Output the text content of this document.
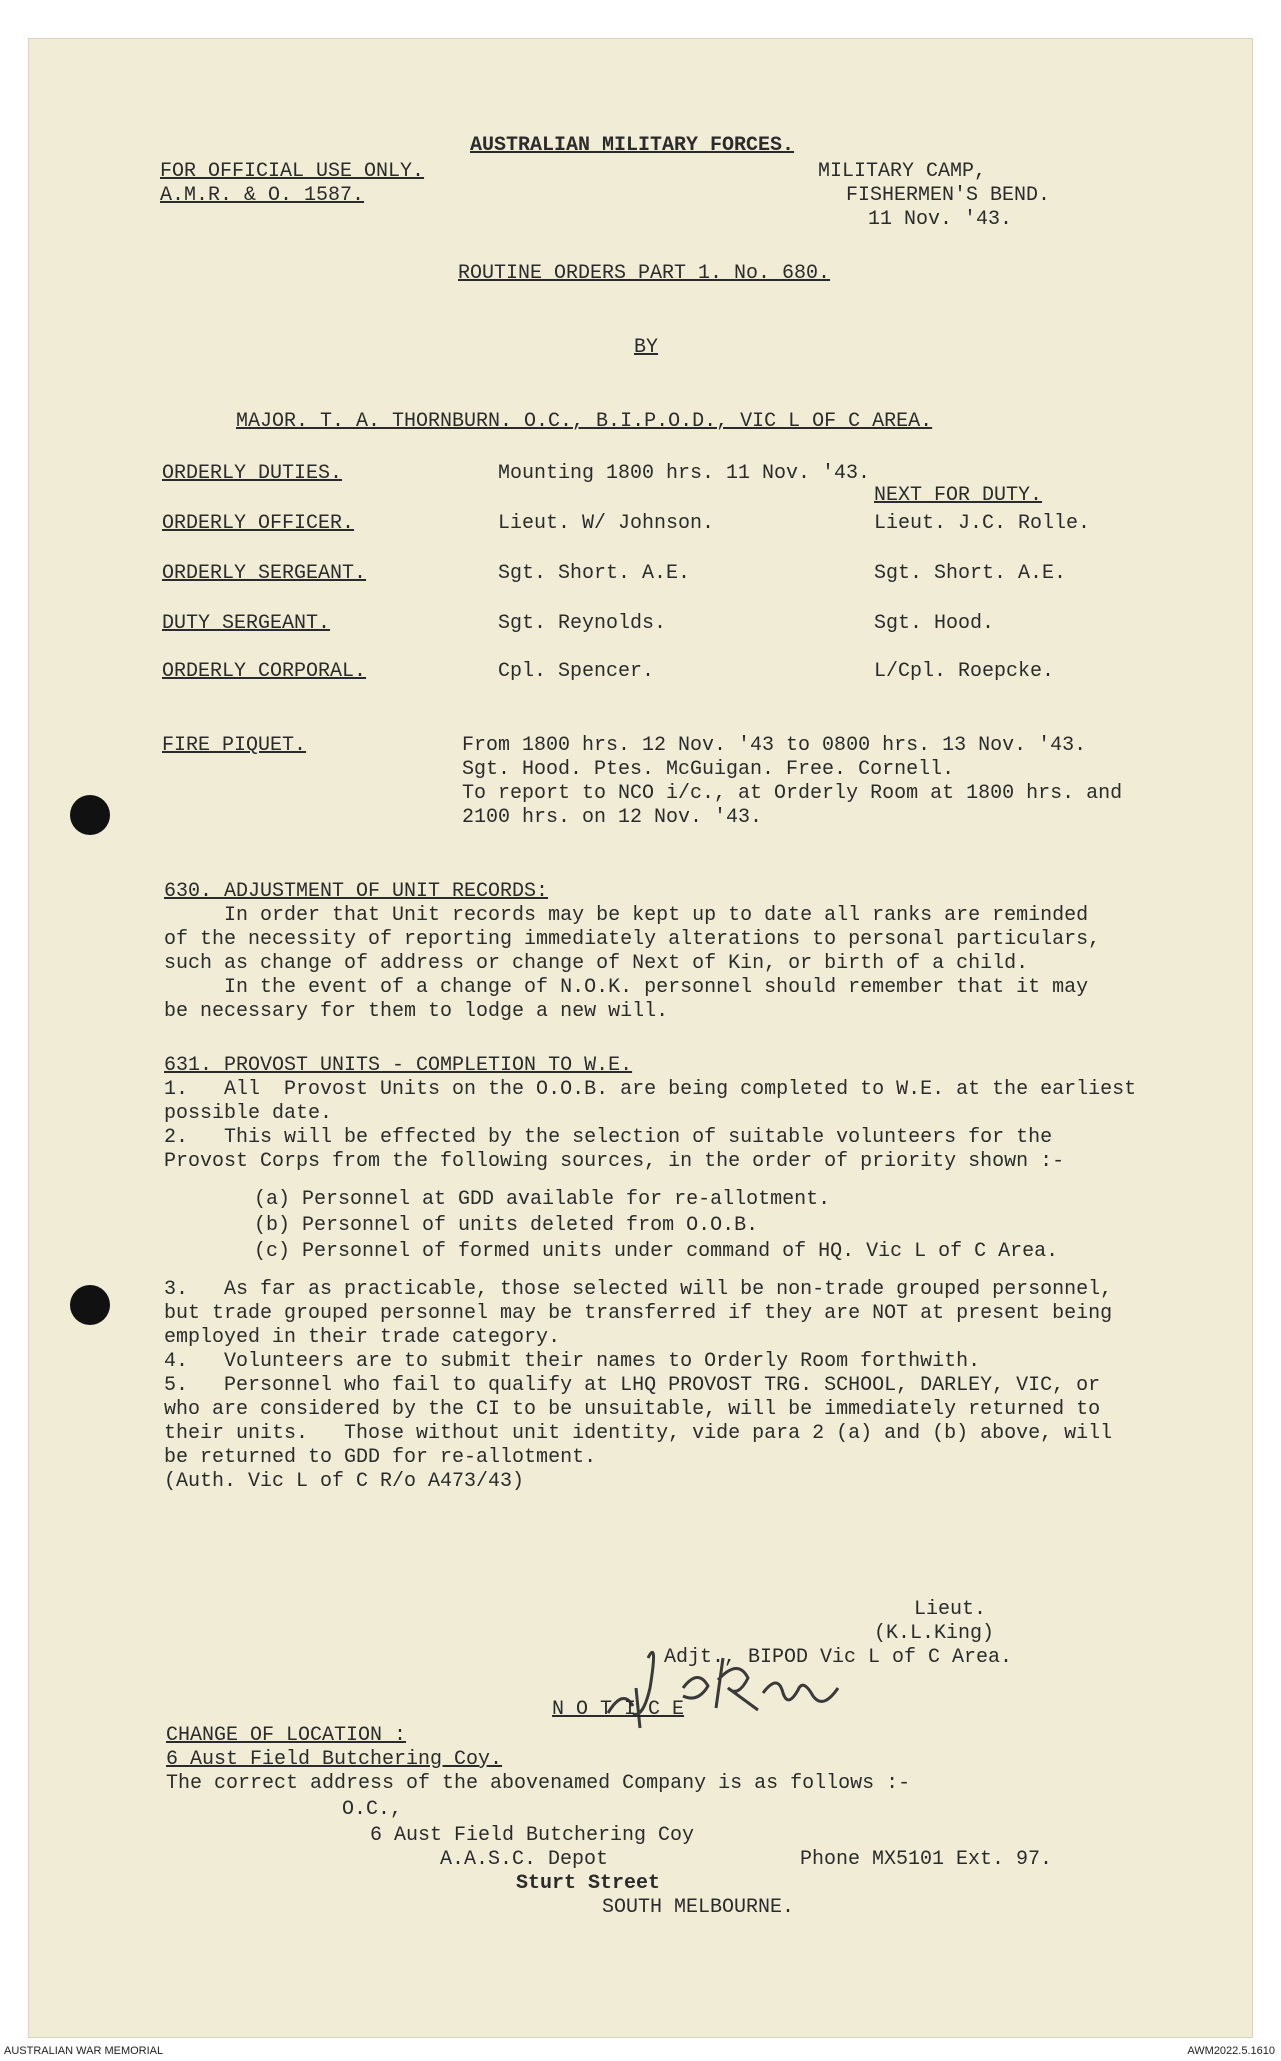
AUSTRALIAN MILITARY FORCES.
FOR OFFICIAL USE ONLY.
A.M.R. & O. 1587.
MILITARY CAMP,
FISHERMEN'S BEND.
11 Nov. '43.
ROUTINE ORDERS PART 1. No. 680.
BY
MAJOR. T. A. THORNBURN. O.C., B.I.P.O.D., VIC L OF C AREA.
NEXT FOR DUTY.
ORDERLY DUTIES.	Mounting 1800 hrs. 11 Nov. '43.
ORDERLY OFFICER.	Lieut. W/ Johnson.	Lieut. J.C. Rolle.
ORDERLY SERGEANT.	Sgt. Short. A.E.	Sgt. Short. A.E.
DUTY SERGEANT.	Sgt. Reynolds.	Sgt. Hood.
ORDERLY CORPORAL.	Cpl. Spencer.	L/Cpl. Roepcke.
FIRE PIQUET.	From 1800 hrs. 12 Nov. '43 to 0800 hrs. 13 Nov. '43.
Sgt. Hood. Ptes. McGuigan. Free. Cornell.
To report to NCO i/c., at Orderly Room at 1800 hrs. and
2100 hrs. on 12 Nov. '43.
630. ADJUSTMENT OF UNIT RECORDS:
In order that Unit records may be kept up to date all ranks are reminded
of the necessity of reporting immediately alterations to personal particulars,
such as change of address or change of Next of Kin, or birth of a child.
In the event of a change of N.O.K. personnel should remember that it may
be necessary for them to lodge a new will.
631. PROVOST UNITS - COMPLETION TO W.E.
1.   All  Provost Units on the O.O.B. are being completed to W.E. at the earliest
possible date.
2.   This will be effected by the selection of suitable volunteers for the
Provost Corps from the following sources, in the order of priority shown :-
(a) Personnel at GDD available for re-allotment.
(b) Personnel of units deleted from O.O.B.
(c) Personnel of formed units under command of HQ. Vic L of C Area.
3.   As far as practicable, those selected will be non-trade grouped personnel,
but trade grouped personnel may be transferred if they are NOT at present being
employed in their trade category.
4.   Volunteers are to submit their names to Orderly Room forthwith.
5.   Personnel who fail to qualify at LHQ PROVOST TRG. SCHOOL, DARLEY, VIC, or
who are considered by the CI to be unsuitable, will be immediately returned to
their units.   Those without unit identity, vide para 2 (a) and (b) above, will
be returned to GDD for re-allotment.
(Auth. Vic L of C R/o A473/43)
Lieut.
(K.L.King)
Adjt., BIPOD Vic L of C Area.
N O T I C E
CHANGE OF LOCATION :
6 Aust Field Butchering Coy.
The correct address of the abovenamed Company is as follows :-
O.C.,
6 Aust Field Butchering Coy
A.A.S.C. Depot	Phone MX5101 Ext. 97.
Sturt Street
SOUTH MELBOURNE.
AUSTRALIAN WAR MEMORIAL	AWM2022.5.1610
